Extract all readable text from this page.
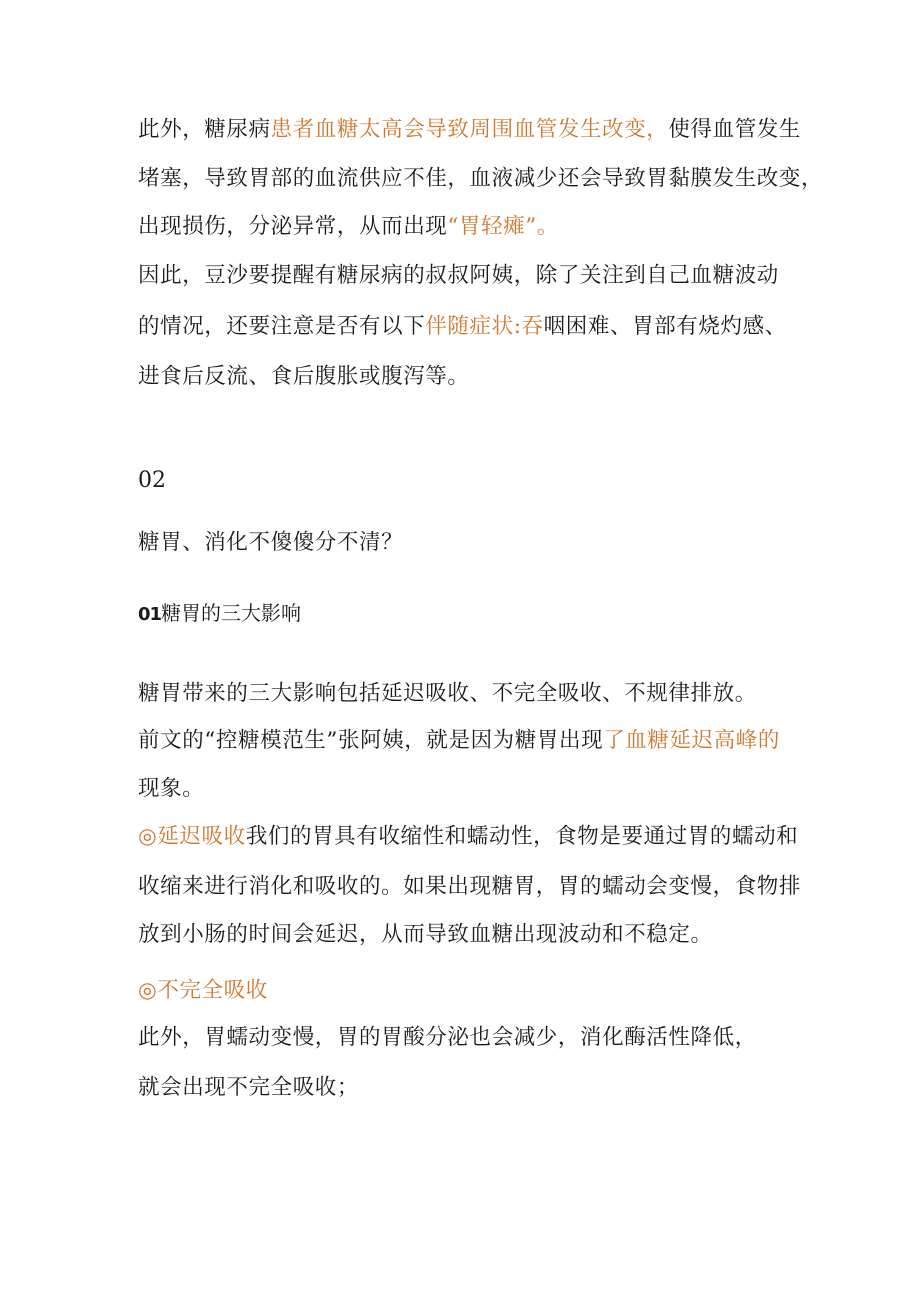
此外，糖尿病患者血糖太高会导致周围血管发生改变，使得血管发生
堵塞，导致胃部的血流供应不佳，血液减少还会导致胃黏膜发生改变，
出现损伤，分泌异常，从而出现“胃轻瘫”。
因此，豆沙要提醒有糖尿病的叔叔阿姨，除了关注到自己血糖波动
的情况，还要注意是否有以下伴随症状:吞咽困难、胃部有烧灼感、
进食后反流、食后腹胀或腹泻等。
02
糖胃、消化不傻傻分不清？
01糖胃的三大影响
糖胃带来的三大影响包括延迟吸收、不完全吸收、不规律排放。
前文的“控糖模范生”张阿姨，就是因为糖胃出现了血糖延迟高峰的
现象。
◎延迟吸收我们的胃具有收缩性和蠕动性，食物是要通过胃的蠕动和
收缩来进行消化和吸收的。如果出现糖胃，胃的蠕动会变慢，食物排
放到小肠的时间会延迟，从而导致血糖出现波动和不稳定。
◎不完全吸收
此外，胃蠕动变慢，胃的胃酸分泌也会减少，消化酶活性降低，
就会出现不完全吸收；
